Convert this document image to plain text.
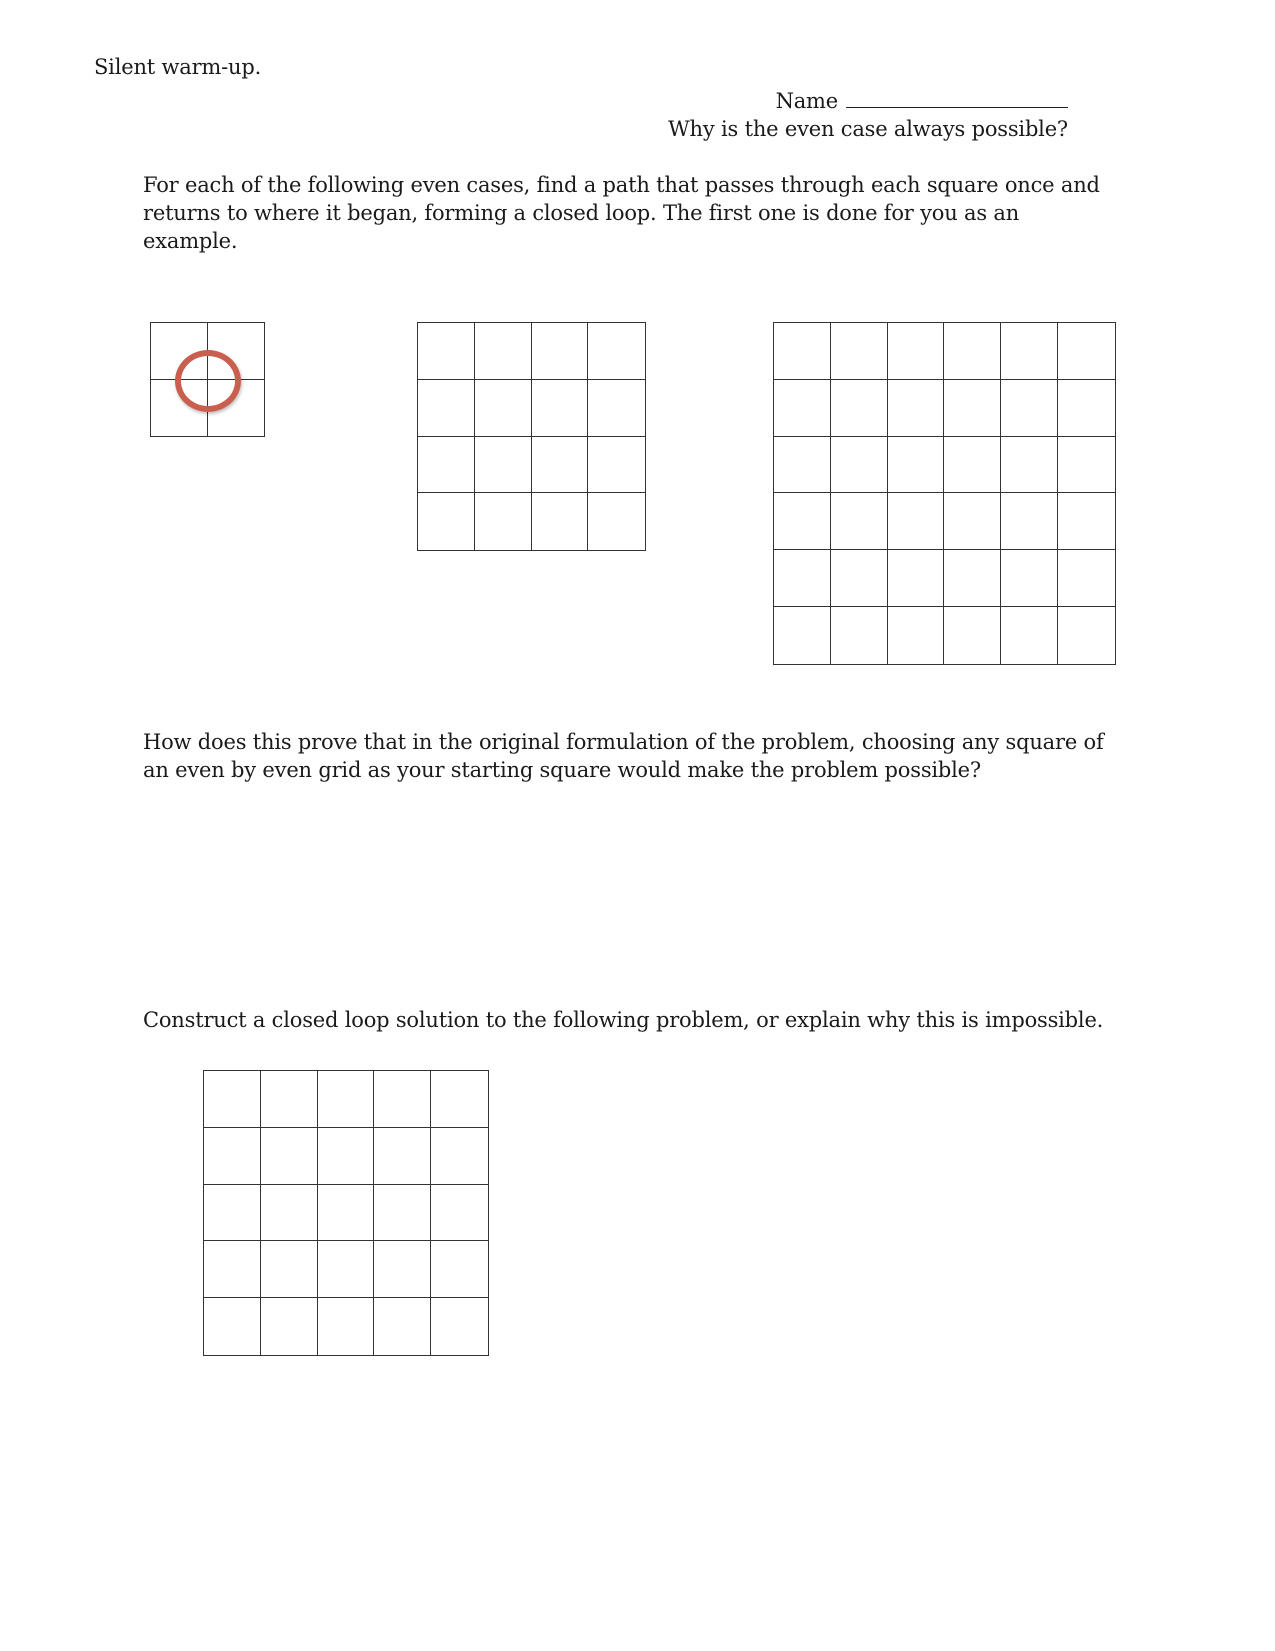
Silent warm-up.
Name
Why is the even case always possible?
For each of the following even cases, find a path that passes through each square once and
returns to where it began, forming a closed loop. The first one is done for you as an
example.
How does this prove that in the original formulation of the problem, choosing any square of
an even by even grid as your starting square would make the problem possible?
Construct a closed loop solution to the following problem, or explain why this is impossible.
